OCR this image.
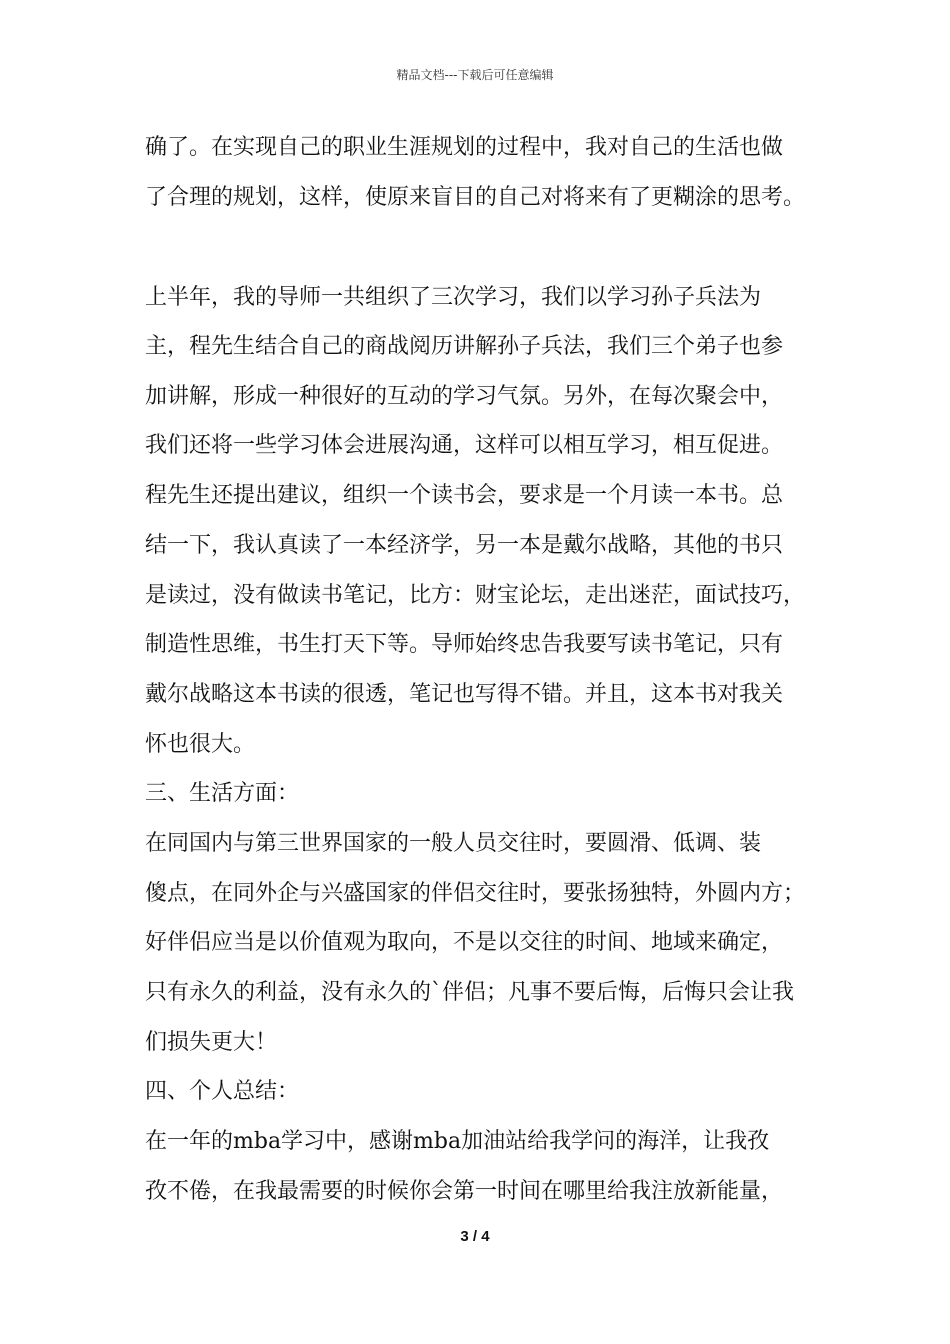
精品文档---下载后可任意编辑
确了。在实现自己的职业生涯规划的过程中，我对自己的生活也做
了合理的规划，这样，使原来盲目的自己对将来有了更糊涂的思考。
上半年，我的导师一共组织了三次学习，我们以学习孙子兵法为
主，程先生结合自己的商战阅历讲解孙子兵法，我们三个弟子也参
加讲解，形成一种很好的互动的学习气氛。另外，在每次聚会中，
我们还将一些学习体会进展沟通，这样可以相互学习，相互促进。
程先生还提出建议，组织一个读书会，要求是一个月读一本书。总
结一下，我认真读了一本经济学，另一本是戴尔战略，其他的书只
是读过，没有做读书笔记，比方：财宝论坛，走出迷茫，面试技巧，
制造性思维，书生打天下等。导师始终忠告我要写读书笔记，只有
戴尔战略这本书读的很透，笔记也写得不错。并且，这本书对我关
怀也很大。
三、生活方面：
在同国内与第三世界国家的一般人员交往时，要圆滑、低调、装
傻点，在同外企与兴盛国家的伴侣交往时，要张扬独特，外圆内方；
好伴侣应当是以价值观为取向，不是以交往的时间、地域来确定，
只有永久的利益，没有永久的`伴侣；凡事不要后悔，后悔只会让我
们损失更大！
四、个人总结：
在一年的mba学习中，感谢mba加油站给我学问的海洋，让我孜
孜不倦，在我最需要的时候你会第一时间在哪里给我注放新能量，
3 / 4
